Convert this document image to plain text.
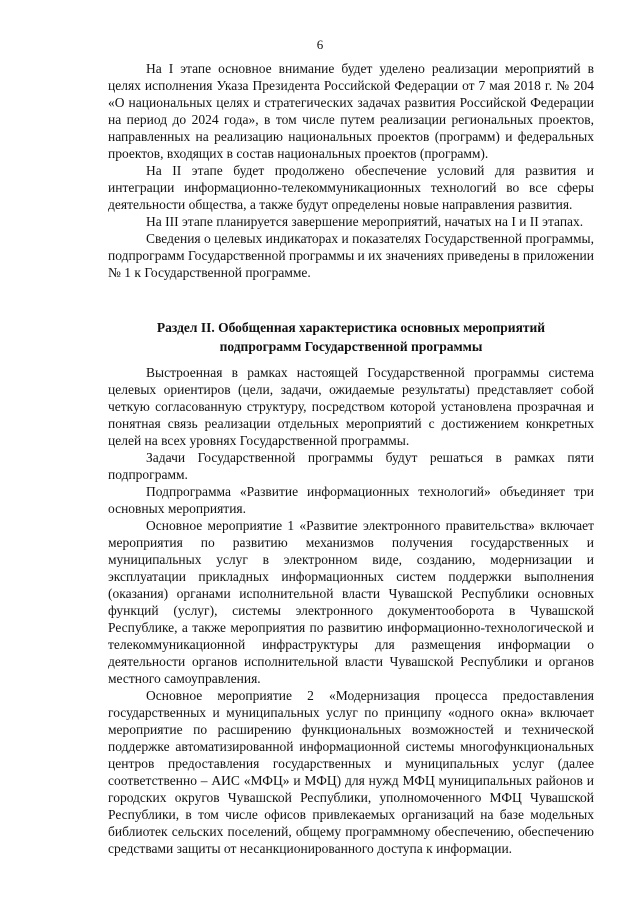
6

На I этапе основное внимание будет уделено реализации мероприятий в целях исполнения Указа Президента Российской Федерации от 7 мая 2018 г. № 204 «О национальных целях и стратегических задачах развития Российской Федерации на период до 2024 года», в том числе путем реализации региональных проектов, направленных на реализацию национальных проектов (программ) и федеральных проектов, входящих в состав национальных проектов (программ).

На II этапе будет продолжено обеспечение условий для развития и интеграции информационно-телекоммуникационных технологий во все сферы деятельности общества, а также будут определены новые направления развития.

На III этапе планируется завершение мероприятий, начатых на I и II этапах.

Сведения о целевых индикаторах и показателях Государственной программы, подпрограмм Государственной программы и их значениях приведены в приложении № 1 к Государственной программе.

Раздел II. Обобщенная характеристика основных мероприятий
подпрограмм Государственной программы

Выстроенная в рамках настоящей Государственной программы система целевых ориентиров (цели, задачи, ожидаемые результаты) представляет собой четкую согласованную структуру, посредством которой установлена прозрачная и понятная связь реализации отдельных мероприятий с достижением конкретных целей на всех уровнях Государственной программы.

Задачи Государственной программы будут решаться в рамках пяти подпрограмм.

Подпрограмма «Развитие информационных технологий» объединяет три основных мероприятия.

Основное мероприятие 1 «Развитие электронного правительства» включает мероприятия по развитию механизмов получения государственных и муниципальных услуг в электронном виде, созданию, модернизации и эксплуатации прикладных информационных систем поддержки выполнения (оказания) органами исполнительной власти Чувашской Республики основных функций (услуг), системы электронного документооборота в Чувашской Республике, а также мероприятия по развитию информационно-технологической и телекоммуникационной инфраструктуры для размещения информации о деятельности органов исполнительной власти Чувашской Республики и органов местного самоуправления.

Основное мероприятие 2 «Модернизация процесса предоставления государственных и муниципальных услуг по принципу «одного окна» включает мероприятие по расширению функциональных возможностей и технической поддержке автоматизированной информационной системы многофункциональных центров предоставления государственных и муниципальных услуг (далее соответственно – АИС «МФЦ» и МФЦ) для нужд МФЦ муниципальных районов и городских округов Чувашской Республики, уполномоченного МФЦ Чувашской Республики, в том числе офисов привлекаемых организаций на базе модельных библиотек сельских поселений, общему программному обеспечению, обеспечению средствами защиты от несанкционированного доступа к информации.
